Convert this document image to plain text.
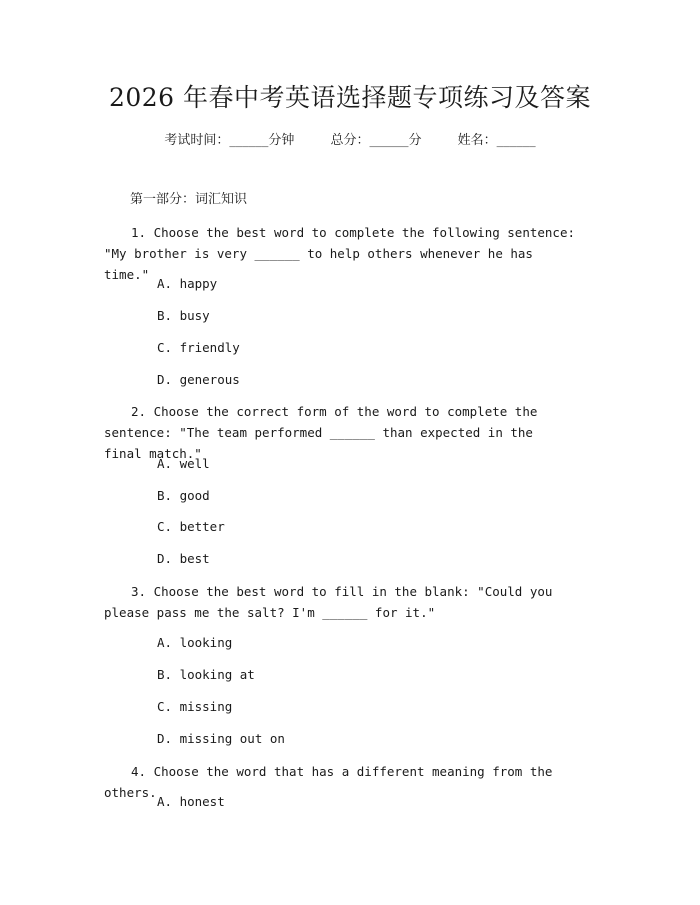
2026 年春中考英语选择题专项练习及答案
考试时间：______分钟	总分：______分	姓名：______
第一部分：词汇知识

1. Choose the best word to complete the following sentence: "My brother is very ______ to help others whenever he has time."

A. happy

B. busy

C. friendly

D. generous

2. Choose the correct form of the word to complete the sentence: "The team performed ______ than expected in the final match."

A. well

B. good

C. better

D. best

3. Choose the best word to fill in the blank: "Could you please pass me the salt? I'm ______ for it."

A. looking

B. looking at

C. missing

D. missing out on

4. Choose the word that has a different meaning from the others.

A. honest
